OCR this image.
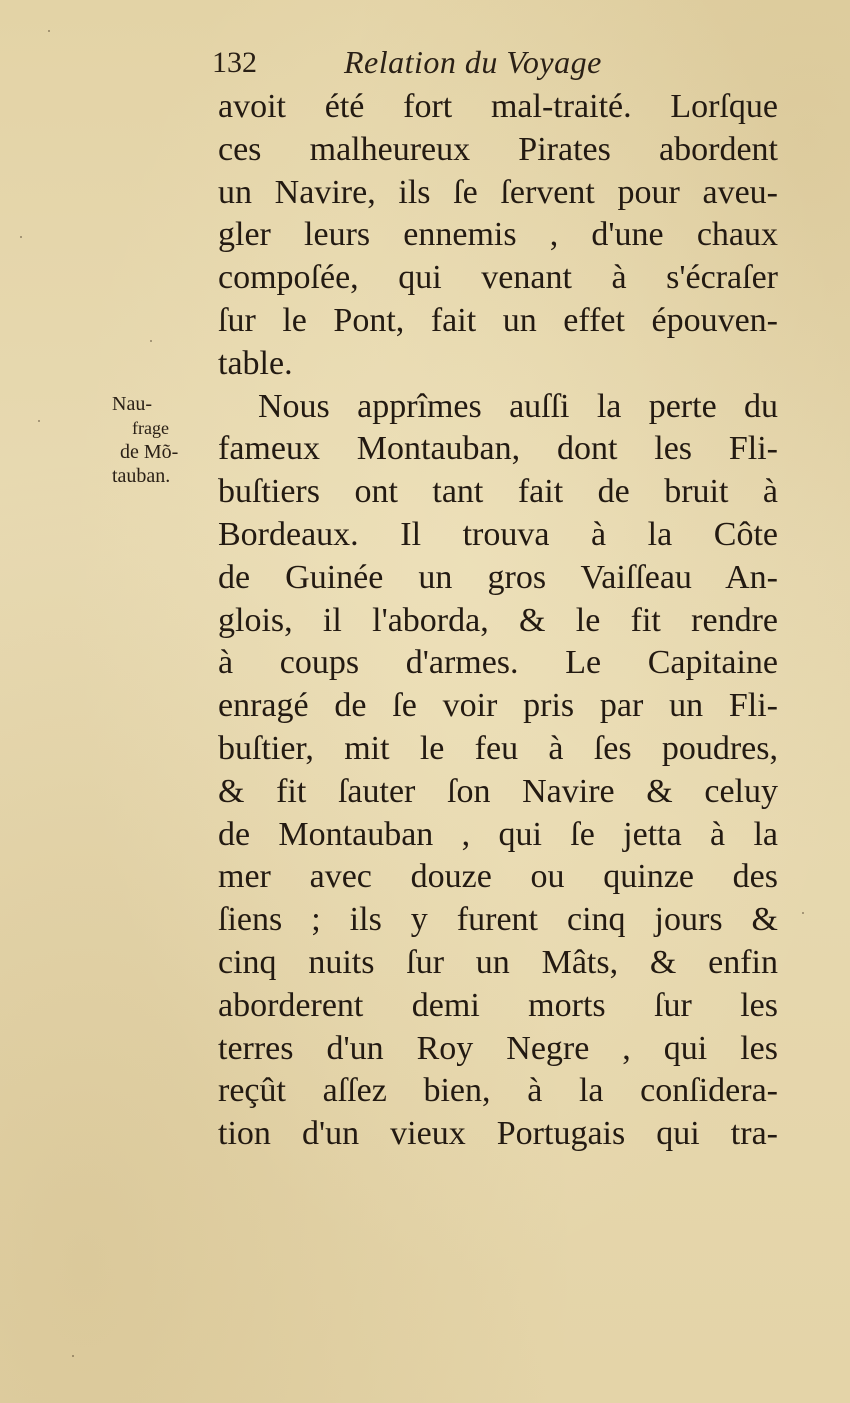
132	Relation du Voyage
Nau-
frage
de Mõ-
tauban.
avoit été fort mal-traité. Lorſque
ces malheureux Pirates abordent
un Navire, ils ſe ſervent pour aveu-
gler leurs ennemis , d'une chaux
compoſée, qui venant à s'écraſer
ſur le Pont, fait un effet épouven-
table.
Nous apprîmes auſſi la perte du
fameux Montauban, dont les Fli-
buſtiers ont tant fait de bruit à
Bordeaux. Il trouva à la Côte
de Guinée un gros Vaiſſeau An-
glois, il l'aborda, & le fit rendre
à coups d'armes. Le Capitaine
enragé de ſe voir pris par un Fli-
buſtier, mit le feu à ſes poudres,
& fit ſauter ſon Navire & celuy
de Montauban , qui ſe jetta à la
mer avec douze ou quinze des
ſiens ; ils y furent cinq jours &
cinq nuits ſur un Mâts, & enfin
aborderent demi morts ſur les
terres d'un Roy Negre , qui les
reçût aſſez bien, à la conſidera-
tion d'un vieux Portugais qui tra-
